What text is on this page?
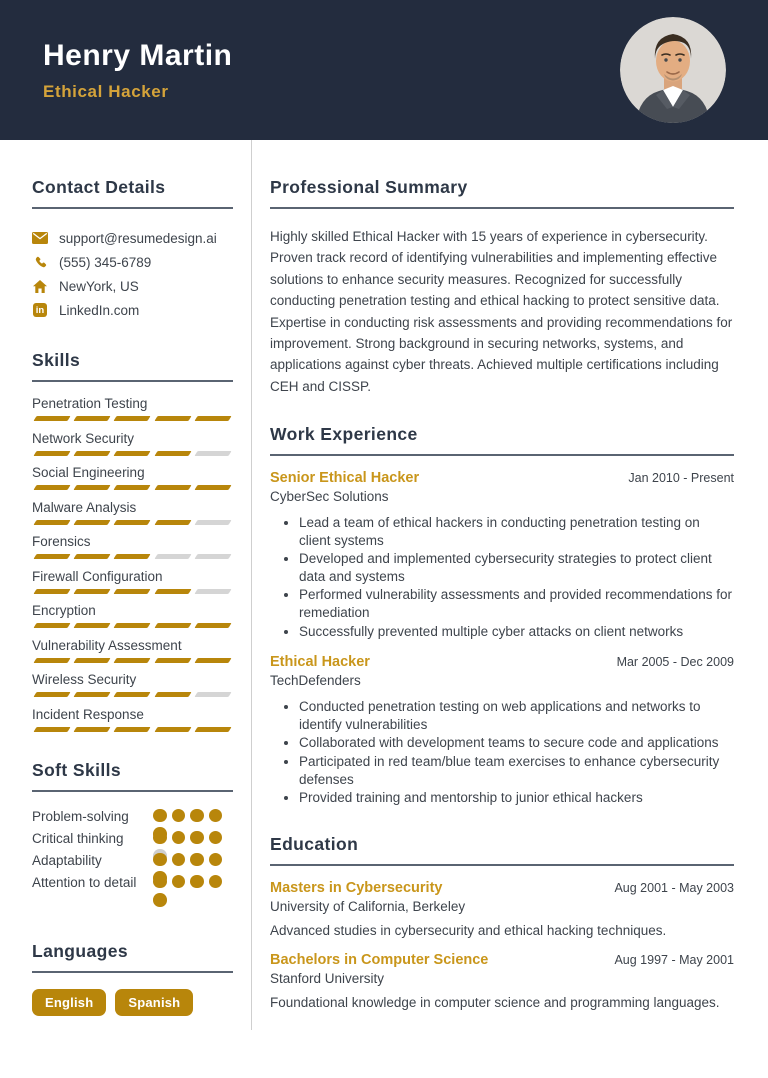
Henry Martin
Ethical Hacker
Contact Details
support@resumedesign.ai
(555) 345-6789
NewYork, US
in LinkedIn.com
Skills
Penetration Testing
Network Security
Social Engineering
Malware Analysis
Forensics
Firewall Configuration
Encryption
Vulnerability Assessment
Wireless Security
Incident Response
Soft Skills
Problem-solving
Critical thinking
Adaptability
Attention to detail
Languages
English	Spanish
Professional Summary

Highly skilled Ethical Hacker with 15 years of experience in cybersecurity. Proven track record of identifying vulnerabilities and implementing effective solutions to enhance security measures. Recognized for successfully conducting penetration testing and ethical hacking to protect sensitive data. Expertise in conducting risk assessments and providing recommendations for improvement. Strong background in securing networks, systems, and applications against cyber threats. Achieved multiple certifications including CEH and CISSP.

Work Experience
Senior Ethical Hacker	Jan 2010 - Present
CyberSec Solutions
• Lead a team of ethical hackers in conducting penetration testing on client systems
• Developed and implemented cybersecurity strategies to protect client data and systems
• Performed vulnerability assessments and provided recommendations for remediation
• Successfully prevented multiple cyber attacks on client networks
Ethical Hacker	Mar 2005 - Dec 2009
TechDefenders
• Conducted penetration testing on web applications and networks to identify vulnerabilities
• Collaborated with development teams to secure code and applications
• Participated in red team/blue team exercises to enhance cybersecurity defenses
• Provided training and mentorship to junior ethical hackers
Education
Masters in Cybersecurity	Aug 2001 - May 2003
University of California, Berkeley
Advanced studies in cybersecurity and ethical hacking techniques.
Bachelors in Computer Science	Aug 1997 - May 2001
Stanford University
Foundational knowledge in computer science and programming languages.
